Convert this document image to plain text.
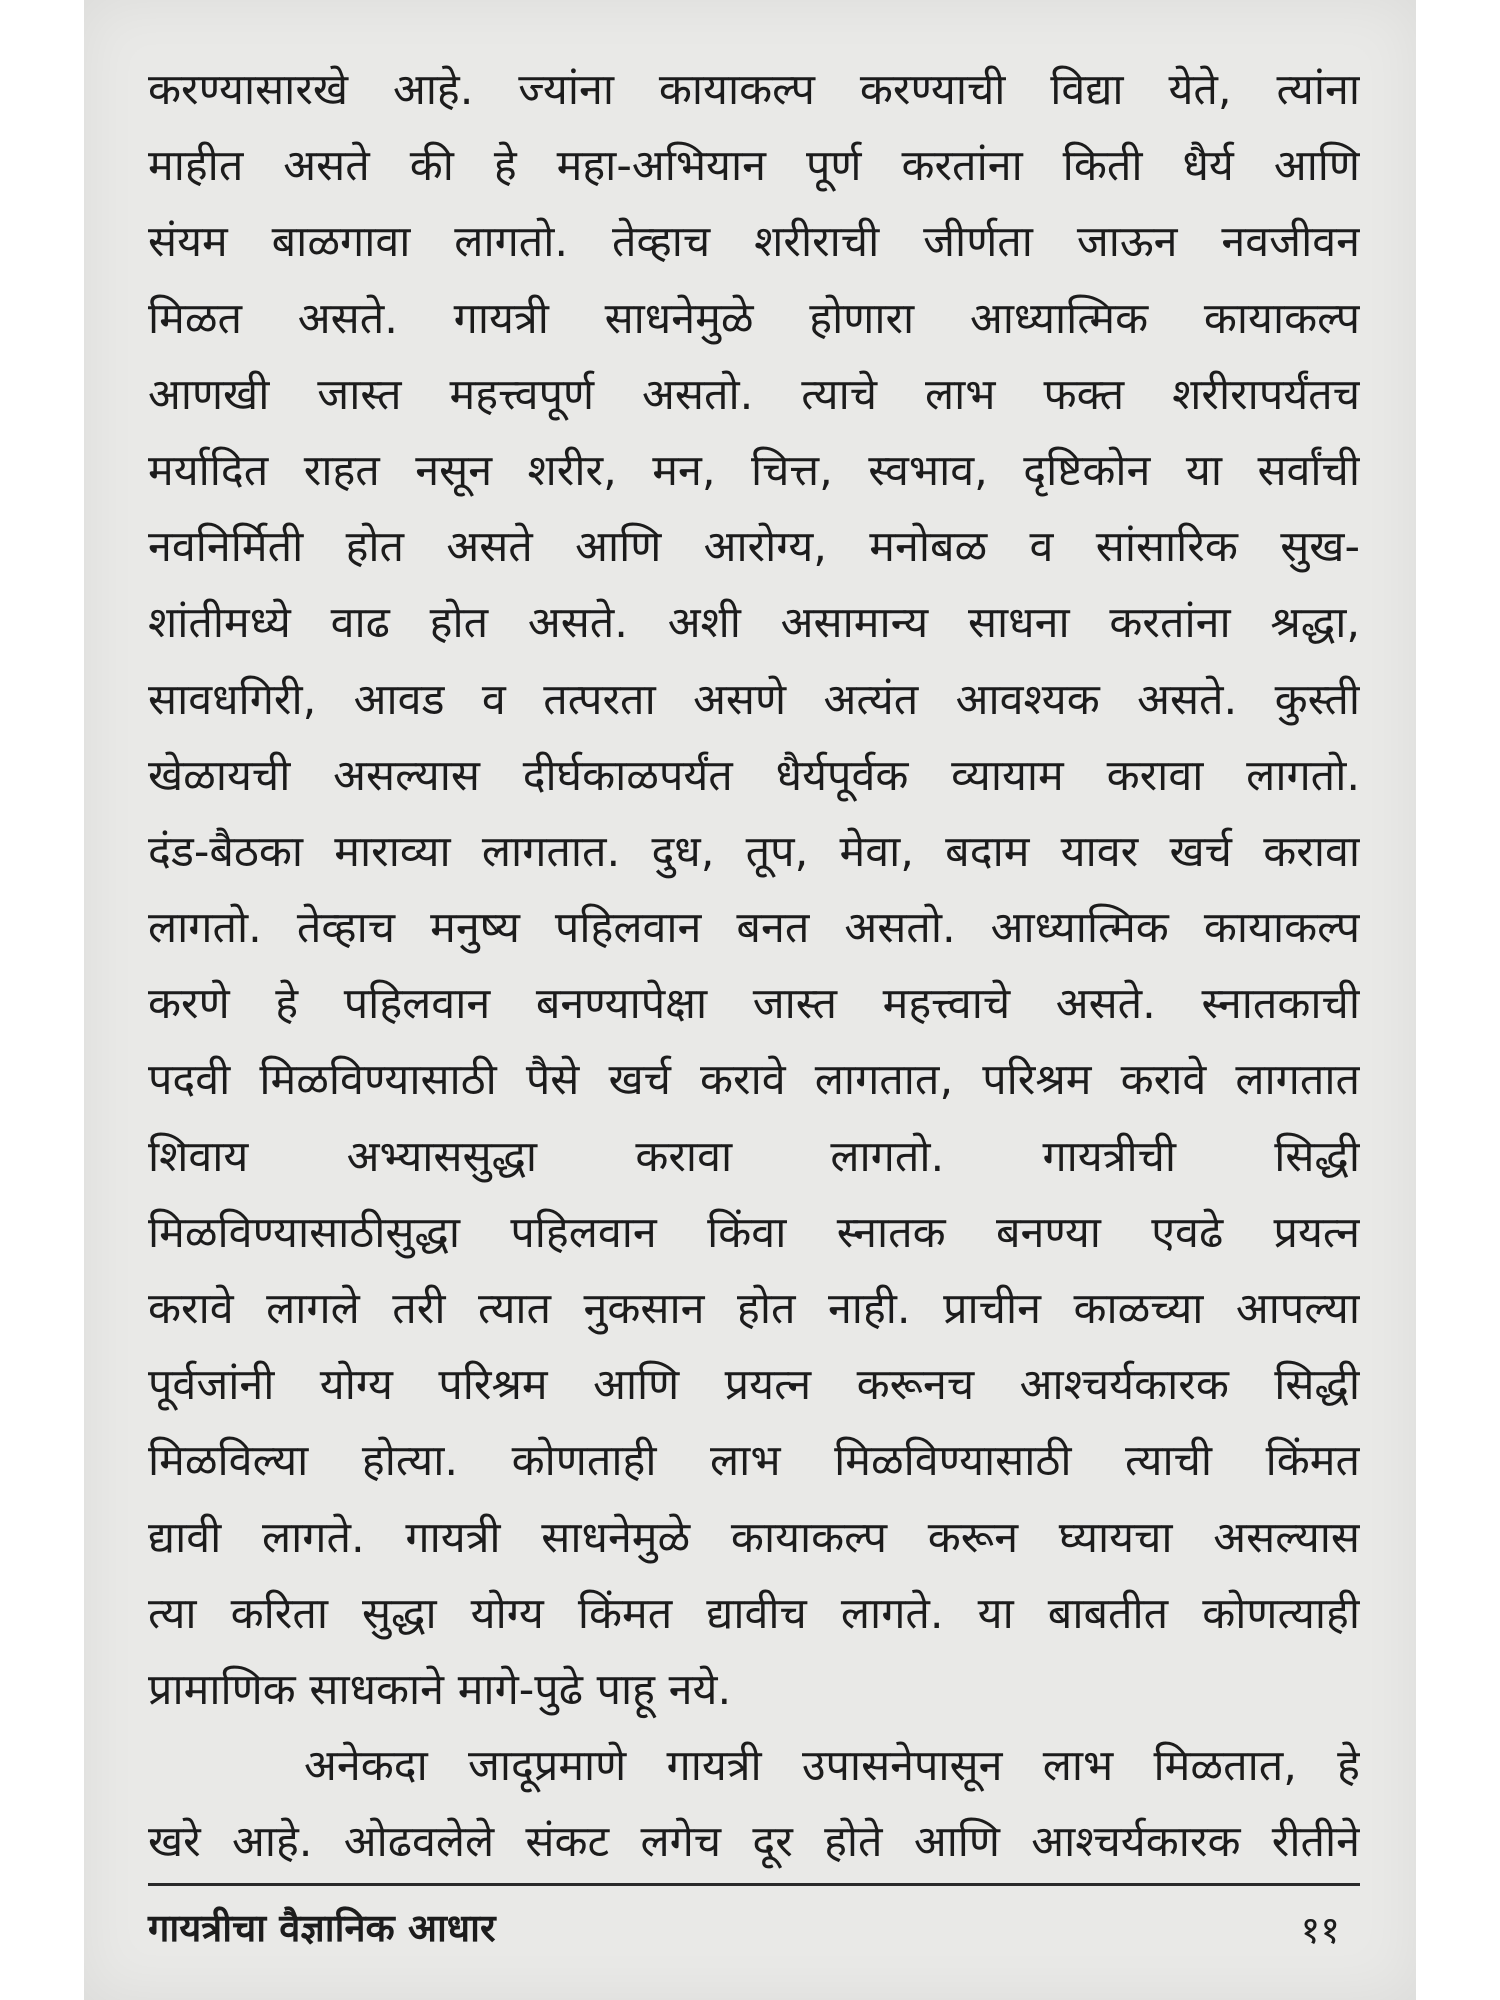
करण्यासारखे आहे. ज्यांना कायाकल्प करण्याची विद्या येते, त्यांना
माहीत असते की हे महा-अभियान पूर्ण करतांना किती धैर्य आणि
संयम बाळगावा लागतो. तेव्हाच शरीराची जीर्णता जाऊन नवजीवन
मिळत असते. गायत्री साधनेमुळे होणारा आध्यात्मिक कायाकल्प
आणखी जास्त महत्त्वपूर्ण असतो. त्याचे लाभ फक्त शरीरापर्यंतच
मर्यादित राहत नसून शरीर, मन, चित्त, स्वभाव, दृष्टिकोन या सर्वांची
नवनिर्मिती होत असते आणि आरोग्य, मनोबळ व सांसारिक सुख-
शांतीमध्ये वाढ होत असते. अशी असामान्य साधना करतांना श्रद्धा,
सावधगिरी, आवड व तत्परता असणे अत्यंत आवश्यक असते. कुस्ती
खेळायची असल्यास दीर्घकाळपर्यंत धैर्यपूर्वक व्यायाम करावा लागतो.
दंड-बैठका माराव्या लागतात. दुध, तूप, मेवा, बदाम यावर खर्च करावा
लागतो. तेव्हाच मनुष्य पहिलवान बनत असतो. आध्यात्मिक कायाकल्प
करणे हे पहिलवान बनण्यापेक्षा जास्त महत्त्वाचे असते. स्नातकाची
पदवी मिळविण्यासाठी पैसे खर्च करावे लागतात, परिश्रम करावे लागतात
शिवाय अभ्याससुद्धा करावा लागतो. गायत्रीची सिद्धी
मिळविण्यासाठीसुद्धा पहिलवान किंवा स्नातक बनण्या एवढे प्रयत्न
करावे लागले तरी त्यात नुकसान होत नाही. प्राचीन काळच्या आपल्या
पूर्वजांनी योग्य परिश्रम आणि प्रयत्न करूनच आश्चर्यकारक सिद्धी
मिळविल्या होत्या. कोणताही लाभ मिळविण्यासाठी त्याची किंमत
द्यावी लागते. गायत्री साधनेमुळे कायाकल्प करून घ्यायचा असल्यास
त्या करिता सुद्धा योग्य किंमत द्यावीच लागते. या बाबतीत कोणत्याही
प्रामाणिक साधकाने मागे-पुढे पाहू नये.
अनेकदा जादूप्रमाणे गायत्री उपासनेपासून लाभ मिळतात, हे
खरे आहे. ओढवलेले संकट लगेच दूर होते आणि आश्चर्यकारक रीतीने
गायत्रीचा वैज्ञानिक आधार	११
